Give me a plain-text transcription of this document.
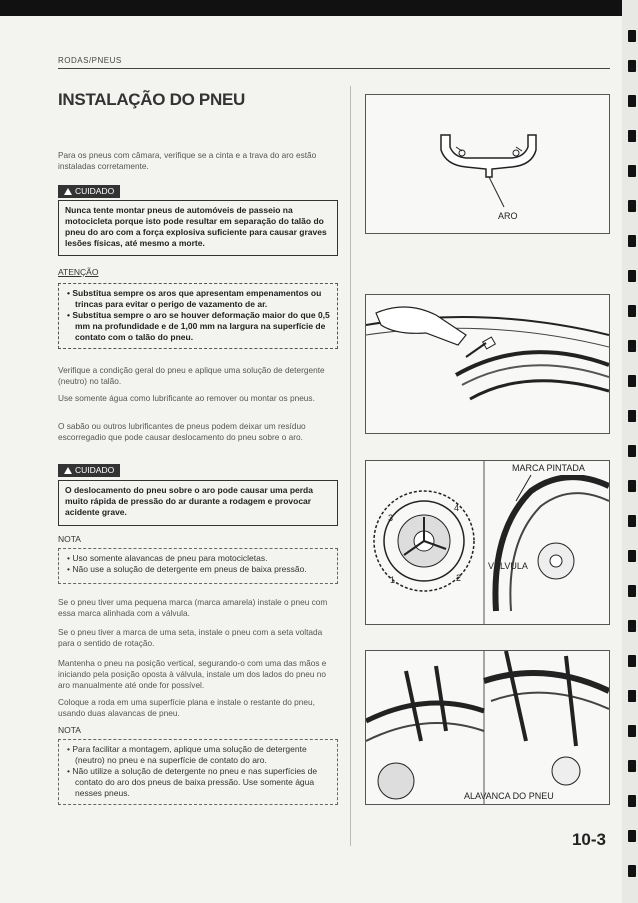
RODAS/PNEUS
INSTALAÇÃO DO PNEU

Para os pneus com câmara, verifique se a cinta e a trava do aro estão instaladas corretamente.

CUIDADO

Nunca tente montar pneus de automóveis de passeio na motocicleta porque isto pode resultar em separação do talão do pneu do aro com a força explosiva suficiente para causar graves lesões físicas, até mesmo a morte.

ATENÇÃO
• Substitua sempre os aros que apresentam empenamentos ou trincas para evitar o perigo de vazamento de ar.
• Substitua sempre o aro se houver deformação maior do que 0,5 mm na profundidade e de 1,00 mm na largura na superfície de contato com o talão do pneu.

Verifique a condição geral do pneu e aplique uma solução de detergente (neutro) no talão.

Use somente água como lubrificante ao remover ou montar os pneus.

O sabão ou outros lubrificantes de pneus podem deixar um resíduo escorregadio que pode causar deslocamento do pneu sobre o aro.

CUIDADO

O deslocamento do pneu sobre o aro pode causar uma perda muito rápida de pressão do ar durante a rodagem e provocar acidente grave.

NOTA
• Uso somente alavancas de pneu para motocicletas.
• Não use a solução de detergente em pneus de baixa pressão.

Se o pneu tiver uma pequena marca (marca amarela) instale o pneu com essa marca alinhada com a válvula.

Se o pneu tiver a marca de uma seta, instale o pneu com a seta voltada para o sentido de rotação.

Mantenha o pneu na posição vertical, segurando-o com uma das mãos e iniciando pela posição oposta à válvula, instale um dos lados do pneu no aro manualmente até onde for possível.

Coloque a roda em uma superfície plana e instale o restante do pneu, usando duas alavancas de pneu.

NOTA
• Para facilitar a montagem, aplique uma solução de detergente (neutro) no pneu e na superfície de contato do aro.
• Não utilize a solução de detergente no pneu e nas superfícies de contato do aro dos pneus de baixa pressão. Use somente água nesses pneus.
ARO
3
4
1	2
MARCA PINTADA
VÁLVULA
ALAVANCA DO PNEU
10-3
